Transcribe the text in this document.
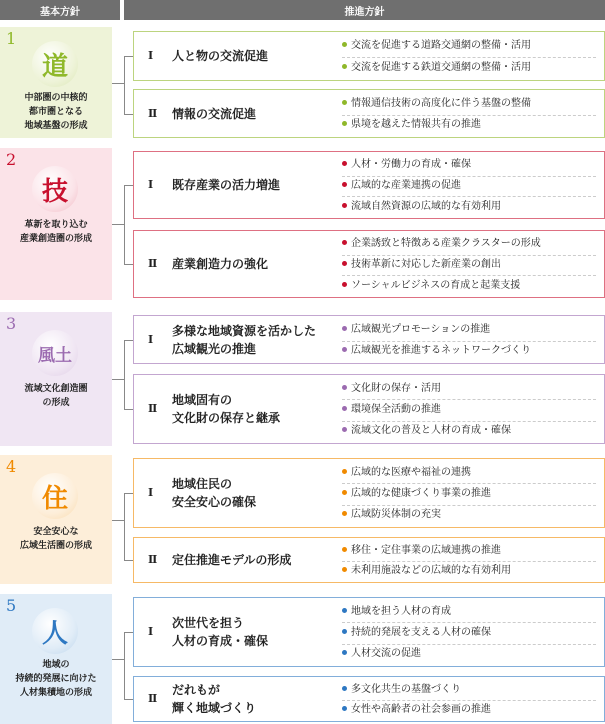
基本方針	推進方針
1
道
中部圏の中核的
都市圏となる
地域基盤の形成
Ⅰ 人と物の交流促進
交流を促進する道路交通網の整備・活用
交流を促進する鉄道交通網の整備・活用
Ⅱ 情報の交流促進
情報通信技術の高度化に伴う基盤の整備
県境を越えた情報共有の推進
2
技
革新を取り込む
産業創造圏の形成
Ⅰ 既存産業の活力増進
人材・労働力の育成・確保
広域的な産業連携の促進
流域自然資源の広域的な有効利用
Ⅱ 産業創造力の強化
企業誘致と特徴ある産業クラスターの形成
技術革新に対応した新産業の創出
ソーシャルビジネスの育成と起業支援
3
風土
流域文化創造圏
の形成
Ⅰ
多様な地域資源を活かした
広域観光の推進
広域観光プロモーションの推進
広域観光を推進するネットワークづくり
Ⅱ
地域固有の
文化財の保存と継承
文化財の保存・活用
環境保全活動の推進
流域文化の普及と人材の育成・確保
4
住
安全安心な
広域生活圏の形成
Ⅰ
地域住民の
安全安心の確保
広域的な医療や福祉の連携
広域的な健康づくり事業の推進
広域防災体制の充実
Ⅱ 定住推進モデルの形成
移住・定住事業の広域連携の推進
未利用施設などの広域的な有効利用
5
人
地域の
持続的発展に向けた
人材集積地の形成
Ⅰ
次世代を担う
人材の育成・確保
地域を担う人材の育成
持続的発展を支える人材の確保
人材交流の促進
Ⅱ
だれもが
輝く地域づくり
多文化共生の基盤づくり
女性や高齢者の社会参画の推進
